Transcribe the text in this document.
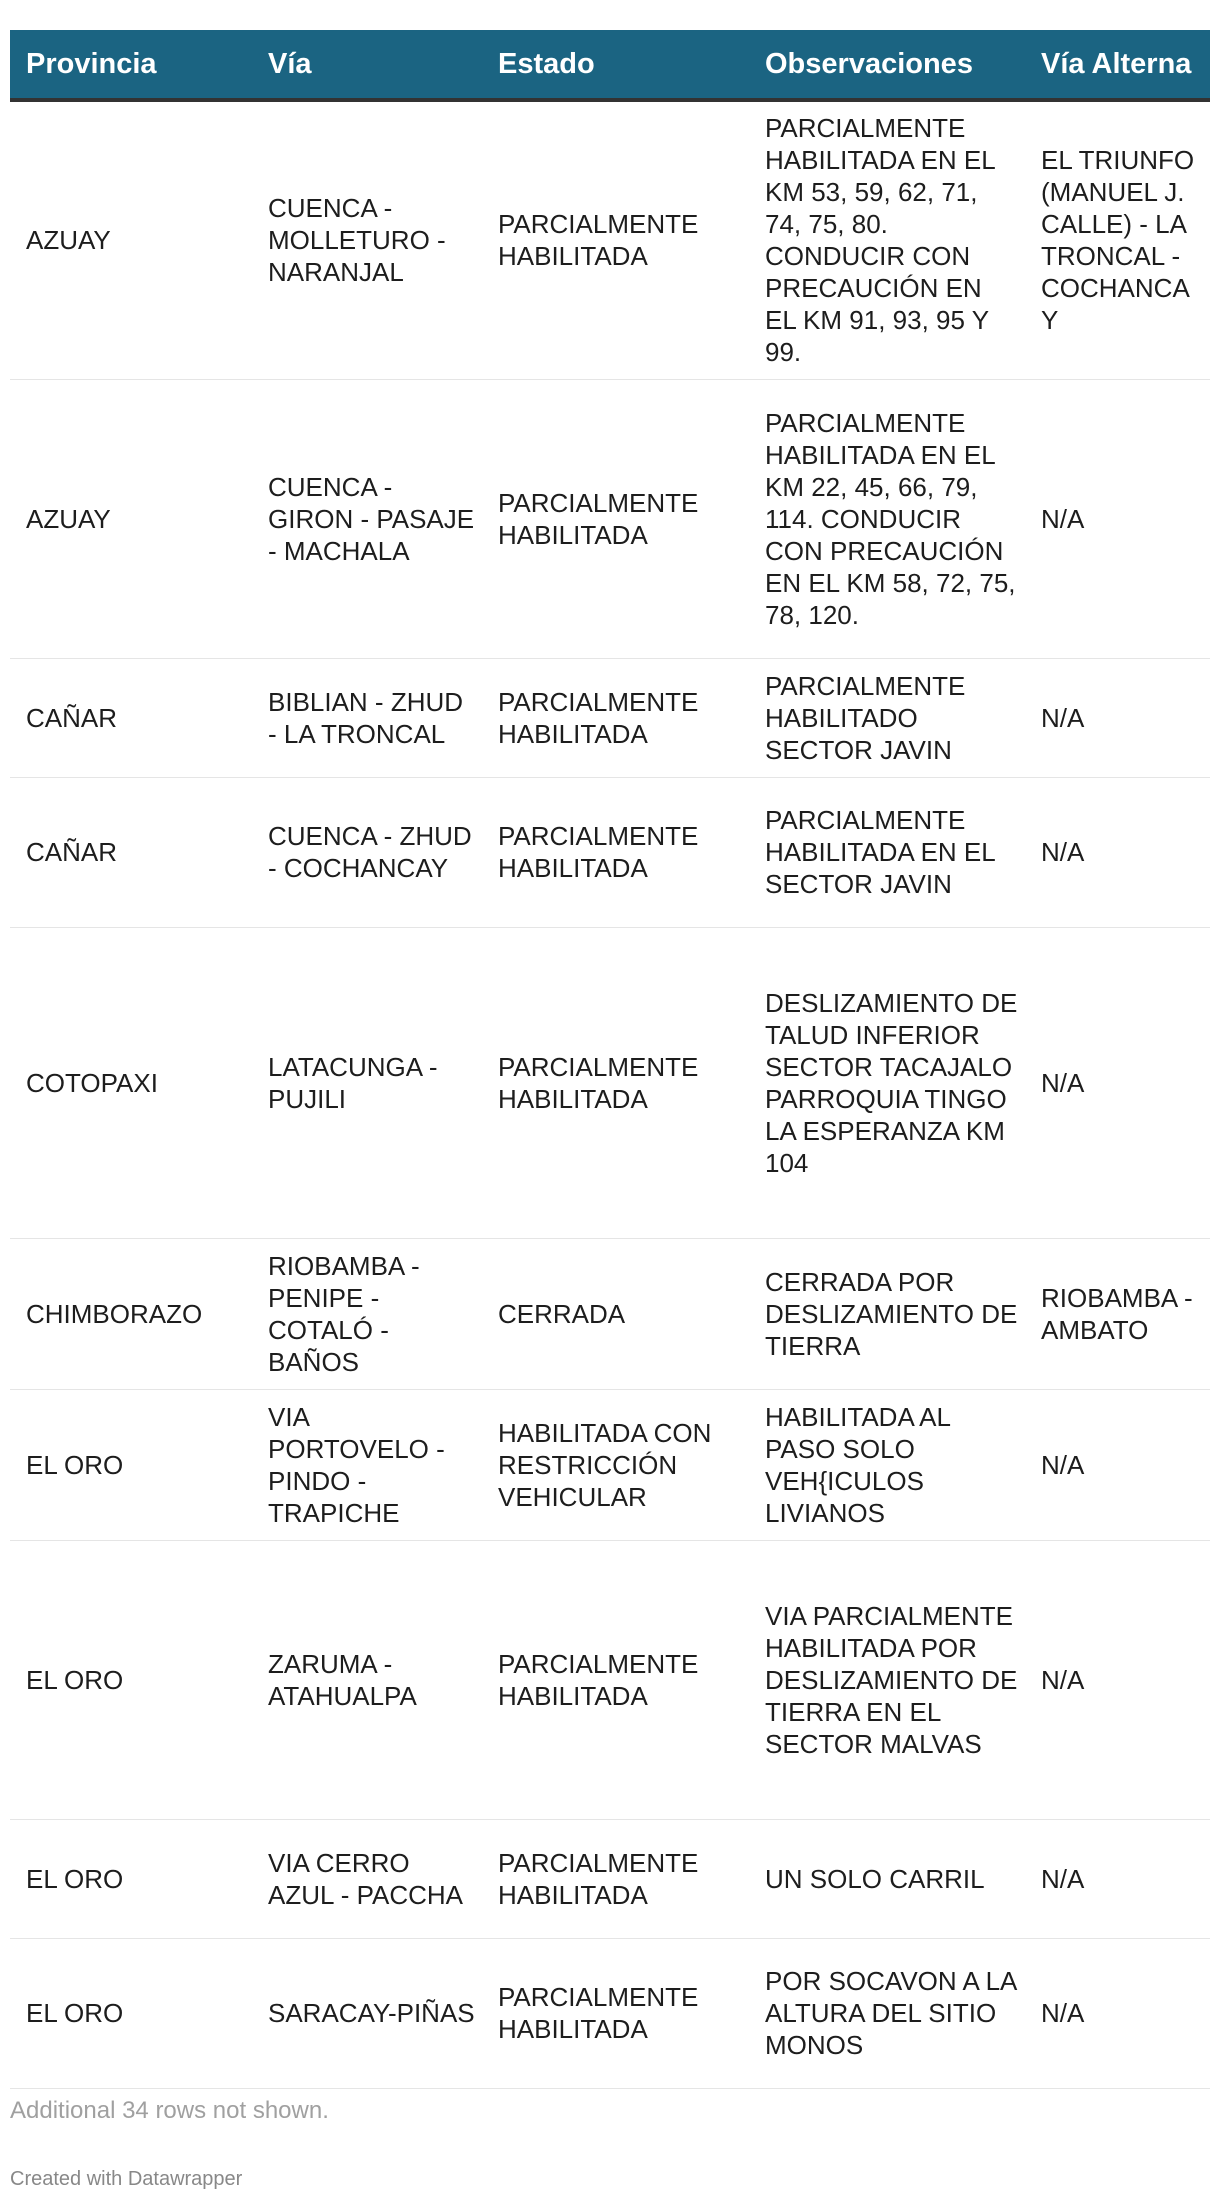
Provincia	Vía	Estado	Observaciones	Vía Alterna
AZUAY	CUENCA - MOLLETURO - NARANJAL	PARCIALMENTE HABILITADA	PARCIALMENTE HABILITADA EN EL KM 53, 59, 62, 71, 74, 75, 80. CONDUCIR CON PRECAUCIÓN EN EL KM 91, 93, 95 Y 99.	EL TRIUNFO (MANUEL J. CALLE) - LA TRONCAL - COCHANCAY
AZUAY	CUENCA - GIRON - PASAJE - MACHALA	PARCIALMENTE HABILITADA	PARCIALMENTE HABILITADA EN EL KM 22, 45, 66, 79, 114. CONDUCIR CON PRECAUCIÓN EN EL KM 58, 72, 75, 78, 120.	N/A
CAÑAR	BIBLIAN - ZHUD - LA TRONCAL	PARCIALMENTE HABILITADA	PARCIALMENTE HABILITADO SECTOR JAVIN	N/A
CAÑAR	CUENCA - ZHUD - COCHANCAY	PARCIALMENTE HABILITADA	PARCIALMENTE HABILITADA EN EL SECTOR JAVIN	N/A
COTOPAXI	LATACUNGA - PUJILI	PARCIALMENTE HABILITADA	DESLIZAMIENTO DE TALUD INFERIOR SECTOR TACAJALO PARROQUIA TINGO LA ESPERANZA KM 104	N/A
CHIMBORAZO	RIOBAMBA - PENIPE - COTALÓ - BAÑOS	CERRADA	CERRADA POR DESLIZAMIENTO DE TIERRA	RIOBAMBA - AMBATO
EL ORO	VIA PORTOVELO - PINDO - TRAPICHE	HABILITADA CON RESTRICCIÓN VEHICULAR	HABILITADA AL PASO SOLO VEH{ICULOS LIVIANOS	N/A
EL ORO	ZARUMA - ATAHUALPA	PARCIALMENTE HABILITADA	VIA PARCIALMENTE HABILITADA POR DESLIZAMIENTO DE TIERRA EN EL SECTOR MALVAS	N/A
EL ORO	VIA CERRO AZUL - PACCHA	PARCIALMENTE HABILITADA	UN SOLO CARRIL	N/A
EL ORO	SARACAY-PIÑAS	PARCIALMENTE HABILITADA	POR SOCAVON A LA ALTURA DEL SITIO MONOS	N/A
Additional 34 rows not shown.
Created with Datawrapper
